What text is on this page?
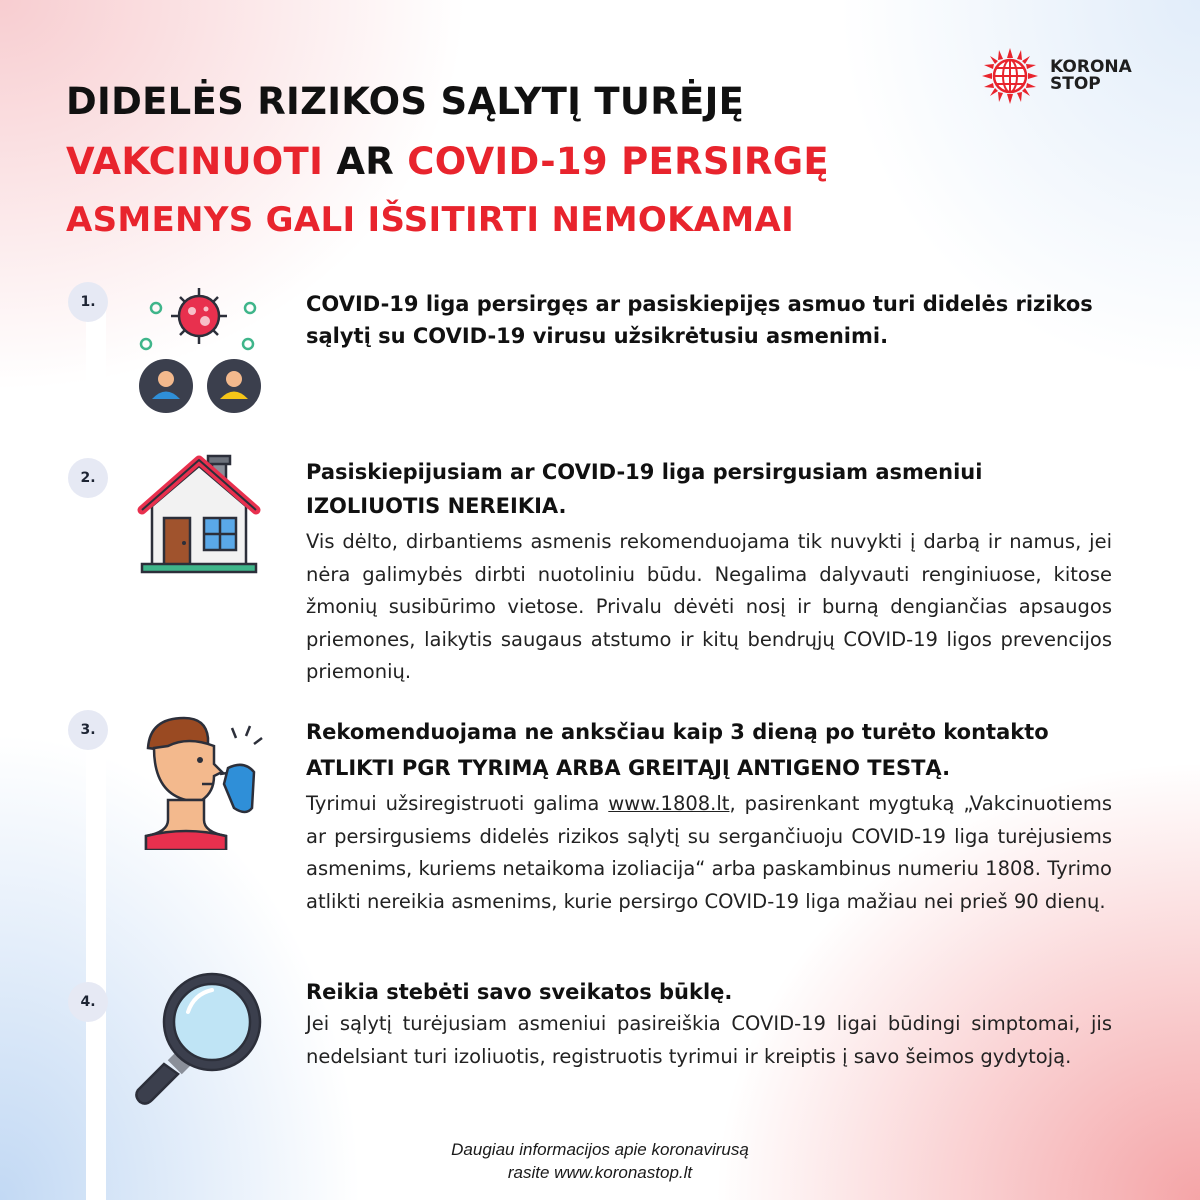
KORONA
STOP
DIDELĖS RIZIKOS SĄLYTĮ TURĖJĘ
VAKCINUOTI AR COVID-19 PERSIRGĘ
ASMENYS GALI IŠSITIRTI NEMOKAMAI
1.	COVID-19 liga persirgęs ar pasiskiepijęs asmuo turi didelės rizikos sąlytį su COVID-19 virusu užsikrėtusiu asmenimi.
2.	Pasiskiepijusiam ar COVID-19 liga persirgusiam asmeniui
IZOLIUOTIS NEREIKIA.
Vis dėlto, dirbantiems asmenis rekomenduojama tik nuvykti į darbą ir namus, jei nėra galimybės dirbti nuotoliniu būdu. Negalima dalyvauti renginiuose, kitose žmonių susibūrimo vietose. Privalu dėvėti nosį ir burną dengiančias apsaugos priemones, laikytis saugaus atstumo ir kitų bendrųjų COVID-19 ligos prevencijos priemonių.
3.	Rekomenduojama ne anksčiau kaip 3 dieną po turėto kontakto
ATLIKTI PGR TYRIMĄ ARBA GREITĄJĮ ANTIGENO TESTĄ.
Tyrimui užsiregistruoti galima www.1808.lt, pasirenkant mygtuką „Vakcinuotiems ar persirgusiems didelės rizikos sąlytį su sergančiuoju COVID-19 liga turėjusiems asmenims, kuriems netaikoma izoliacija“ arba paskambinus numeriu 1808. Tyrimo atlikti nereikia asmenims, kurie persirgo COVID-19 liga mažiau nei prieš 90 dienų.
4.	Reikia stebėti savo sveikatos būklę.
Jei sąlytį turėjusiam asmeniui pasireiškia COVID-19 ligai būdingi simptomai, jis nedelsiant turi izoliuotis, registruotis tyrimui ir kreiptis į savo šeimos gydytoją.
Daugiau informacijos apie koronavirusą
rasite www.koronastop.lt
